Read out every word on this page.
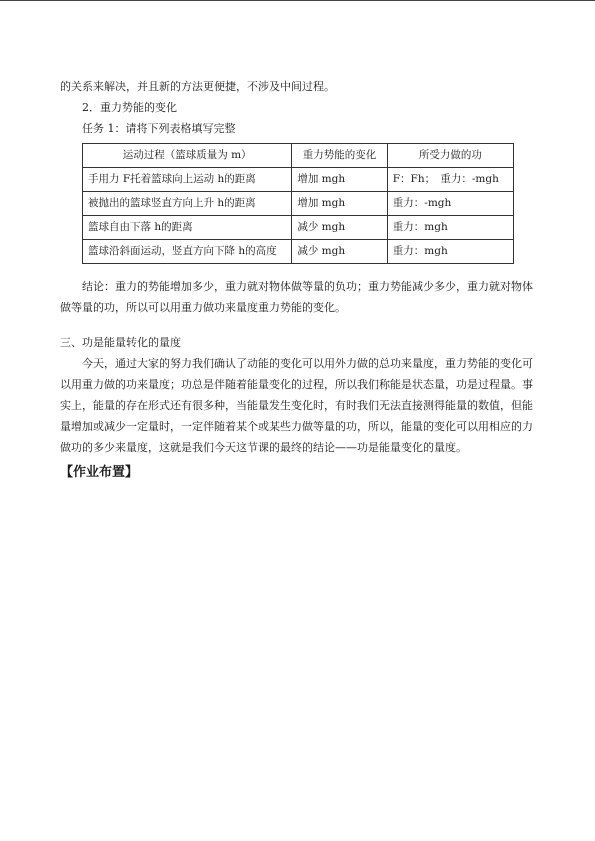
的关系来解决，并且新的方法更便捷，不涉及中间过程。

2．重力势能的变化

任务 1：请将下列表格填写完整

运动过程（篮球质量为 m）	重力势能的变化	所受力做的功
手用力 F托着篮球向上运动 h的距离	增加 mgh	F：Fh；　重力：-mgh
被抛出的篮球竖直方向上升 h的距离	增加 mgh	重力：-mgh
篮球自由下落 h的距离	减少 mgh	重力：mgh
篮球沿斜面运动，竖直方向下降 h的高度	减少 mgh	重力：mgh

结论：重力的势能增加多少，重力就对物体做等量的负功；重力势能减少多少，重力就对物体做等量的功，所以可以用重力做功来量度重力势能的变化。

三、功是能量转化的量度

今天，通过大家的努力我们确认了动能的变化可以用外力做的总功来量度，重力势能的变化可以用重力做的功来量度；功总是伴随着能量变化的过程，所以我们称能是状态量，功是过程量。事实上，能量的存在形式还有很多种，当能量发生变化时，有时我们无法直接测得能量的数值，但能量增加或减少一定量时，一定伴随着某个或某些力做等量的功，所以，能量的变化可以用相应的力做功的多少来量度，这就是我们今天这节课的最终的结论——功是能量变化的量度。

【作业布置】
